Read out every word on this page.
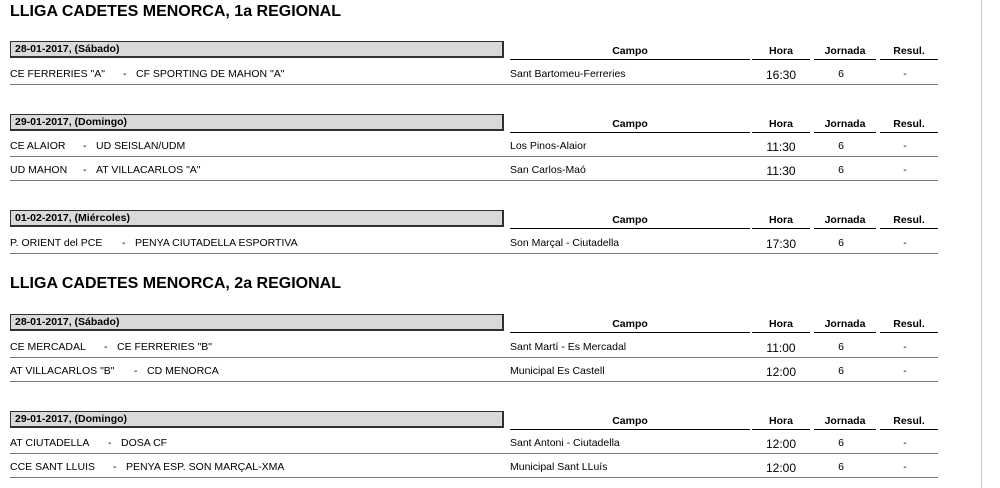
LLIGA CADETES MENORCA, 1a REGIONAL
28-01-2017, (Sábado)	Campo	Hora	Jornada	Resul.
CE FERRERIES "A" - CF SPORTING DE MAHON "A"	Sant Bartomeu-Ferreries	16:30	6	-
29-01-2017, (Domingo)	Campo	Hora	Jornada	Resul.
CE ALAIOR - UD SEISLAN/UDM	Los Pinos-Alaior	11:30	6	-
UD MAHON - AT VILLACARLOS "A"	San Carlos-Maó	11:30	6	-
01-02-2017, (Miércoles)	Campo	Hora	Jornada	Resul.
P. ORIENT del PCE - PENYA CIUTADELLA ESPORTIVA	Son Marçal - Ciutadella	17:30	6	-
LLIGA CADETES MENORCA, 2a REGIONAL
28-01-2017, (Sábado)	Campo	Hora	Jornada	Resul.
CE MERCADAL - CE FERRERIES "B"	Sant Martí - Es Mercadal	11:00	6	-
AT VILLACARLOS "B" - CD MENORCA	Municipal Es Castell	12:00	6	-
29-01-2017, (Domingo)	Campo	Hora	Jornada	Resul.
AT CIUTADELLA - DOSA CF	Sant Antoni - Ciutadella	12:00	6	-
CCE SANT LLUIS - PENYA ESP. SON MARÇAL-XMA	Municipal Sant LLuís	12:00	6	-
